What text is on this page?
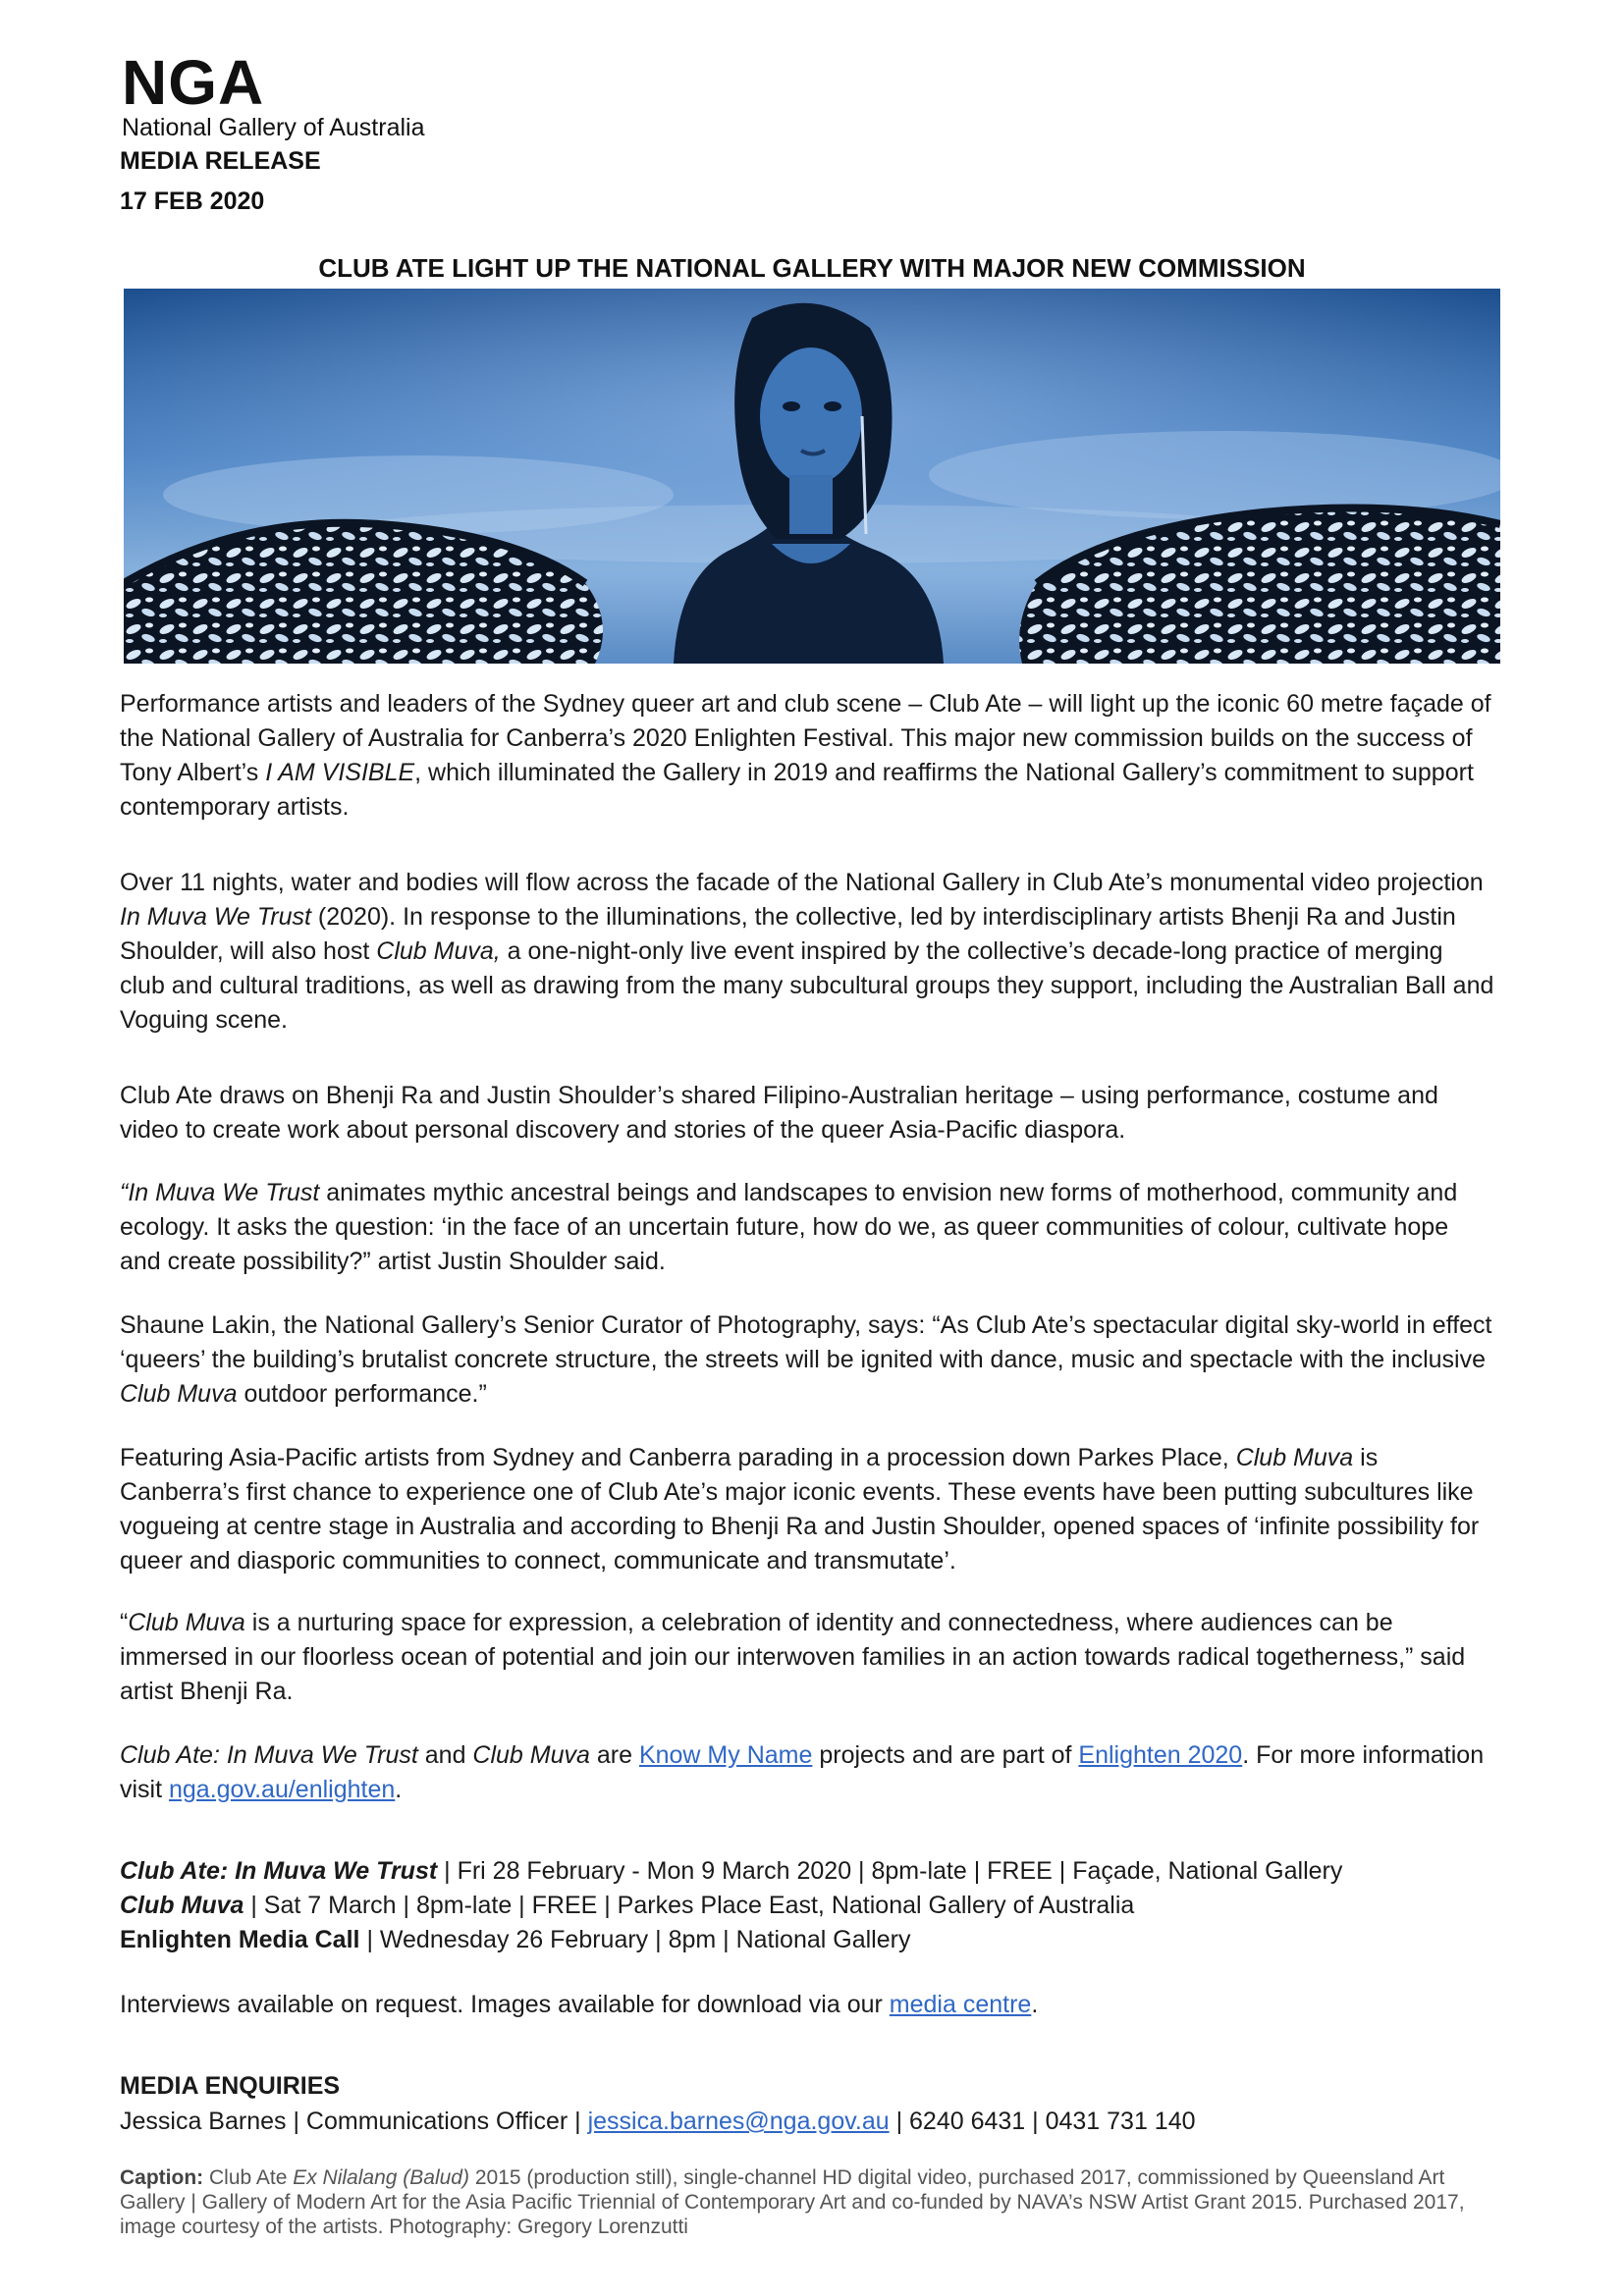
NGA
National Gallery of Australia
MEDIA RELEASE
17 FEB 2020
CLUB ATE LIGHT UP THE NATIONAL GALLERY WITH MAJOR NEW COMMISSION

Performance artists and leaders of the Sydney queer art and club scene – Club Ate – will light up the iconic 60 metre façade of the National Gallery of Australia for Canberra’s 2020 Enlighten Festival. This major new commission builds on the success of Tony Albert’s I AM VISIBLE, which illuminated the Gallery in 2019 and reaffirms the National Gallery’s commitment to support contemporary artists.

Over 11 nights, water and bodies will flow across the facade of the National Gallery in Club Ate’s monumental video projection In Muva We Trust (2020). In response to the illuminations, the collective, led by interdisciplinary artists Bhenji Ra and Justin Shoulder, will also host Club Muva, a one-night-only live event inspired by the collective’s decade-long practice of merging club and cultural traditions, as well as drawing from the many subcultural groups they support, including the Australian Ball and Voguing scene.

Club Ate draws on Bhenji Ra and Justin Shoulder’s shared Filipino-Australian heritage – using performance, costume and video to create work about personal discovery and stories of the queer Asia-Pacific diaspora.

“In Muva We Trust animates mythic ancestral beings and landscapes to envision new forms of motherhood, community and ecology. It asks the question: ‘in the face of an uncertain future, how do we, as queer communities of colour, cultivate hope and create possibility?” artist Justin Shoulder said.

Shaune Lakin, the National Gallery’s Senior Curator of Photography, says: “As Club Ate’s spectacular digital sky-world in effect ‘queers’ the building’s brutalist concrete structure, the streets will be ignited with dance, music and spectacle with the inclusive Club Muva outdoor performance.”

Featuring Asia-Pacific artists from Sydney and Canberra parading in a procession down Parkes Place, Club Muva is Canberra’s first chance to experience one of Club Ate’s major iconic events. These events have been putting subcultures like vogueing at centre stage in Australia and according to Bhenji Ra and Justin Shoulder, opened spaces of ‘infinite possibility for queer and diasporic communities to connect, communicate and transmutate’.

“Club Muva is a nurturing space for expression, a celebration of identity and connectedness, where audiences can be immersed in our floorless ocean of potential and join our interwoven families in an action towards radical togetherness,” said artist Bhenji Ra.

Club Ate: In Muva We Trust and Club Muva are Know My Name projects and are part of Enlighten 2020. For more information visit nga.gov.au/enlighten.

Club Ate: In Muva We Trust | Fri 28 February - Mon 9 March 2020 | 8pm-late | FREE | Façade, National Gallery

Club Muva | Sat 7 March | 8pm-late | FREE | Parkes Place East, National Gallery of Australia

Enlighten Media Call | Wednesday 26 February | 8pm | National Gallery

Interviews available on request. Images available for download via our media centre.

MEDIA ENQUIRIES
Jessica Barnes | Communications Officer | jessica.barnes@nga.gov.au | 6240 6431 | 0431 731 140
Caption: Club Ate Ex Nilalang (Balud) 2015 (production still), single-channel HD digital video, purchased 2017, commissioned by Queensland Art Gallery | Gallery of Modern Art for the Asia Pacific Triennial of Contemporary Art and co-funded by NAVA’s NSW Artist Grant 2015. Purchased 2017, image courtesy of the artists. Photography: Gregory Lorenzutti
